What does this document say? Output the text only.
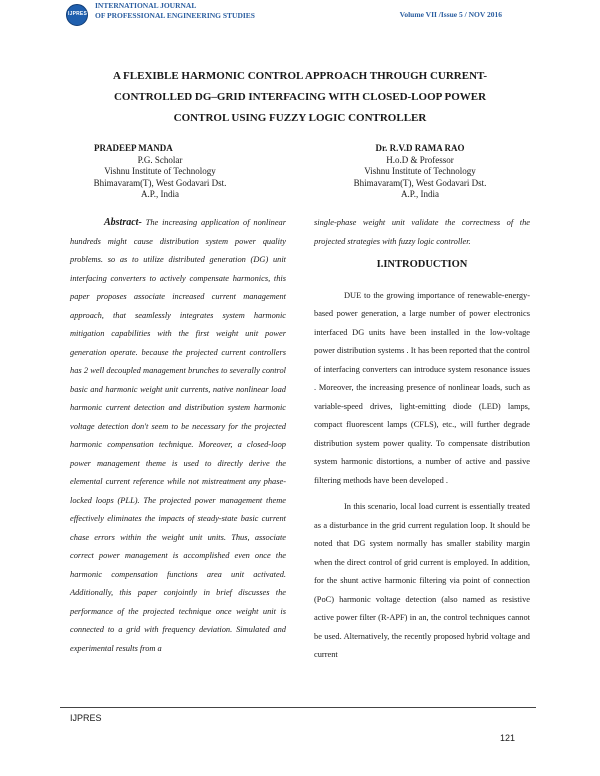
IJPRES
INTERNATIONAL JOURNAL
OF PROFESSIONAL ENGINEERING STUDIES	Volume VII /Issue 5 / NOV 2016
A FLEXIBLE HARMONIC CONTROL APPROACH THROUGH CURRENT-
CONTROLLED DG–GRID INTERFACING WITH CLOSED-LOOP POWER
CONTROL USING FUZZY LOGIC CONTROLLER
PRADEEP MANDA
P.G. Scholar
Vishnu Institute of Technology
Bhimavaram(T), West Godavari Dst.
A.P., India
Dr. R.V.D RAMA RAO
H.o.D & Professor
Vishnu Institute of Technology
Bhimavaram(T), West Godavari Dst.
A.P., India
Abstract- The increasing application of nonlinear hundreds might cause distribution system power quality problems. so as to utilize distributed generation (DG) unit interfacing converters to actively compensate harmonics, this paper proposes associate increased current management approach, that seamlessly integrates system harmonic mitigation capabilities with the first weight unit power generation operate. because the projected current controllers has 2 well decoupled management brunches to severally control basic and harmonic weight unit currents, native nonlinear load harmonic current detection and distribution system harmonic voltage detection don't seem to be necessary for the projected harmonic compensation technique. Moreover, a closed-loop power management theme is used to directly derive the elemental current reference while not mistreatment any phase-locked loops (PLL). The projected power management theme effectively eliminates the impacts of steady-state basic current chase errors within the weight unit units. Thus, associate correct power management is accomplished even once the harmonic compensation functions area unit activated. Additionally, this paper conjointly in brief discusses the performance of the projected technique once weight unit is connected to a grid with frequency deviation. Simulated and experimental results from a
single-phase weight unit validate the correctness of the projected strategies with fuzzy logic controller.
I.INTRODUCTION

DUE to the growing importance of renewable-energy-based power generation, a large number of power electronics interfaced DG units have been installed in the low-voltage power distribution systems . It has been reported that the control of interfacing converters can introduce system resonance issues . Moreover, the increasing presence of nonlinear loads, such as variable-speed drives, light-emitting diode (LED) lamps, compact fluorescent lamps (CFLS), etc., will further degrade distribution system power quality. To compensate distribution system harmonic distortions, a number of active and passive filtering methods have been developed .

In this scenario, local load current is essentially treated as a disturbance in the grid current regulation loop. It should be noted that DG system normally has smaller stability margin when the direct control of grid current is employed. In addition, for the shunt active harmonic filtering via point of connection (PoC) harmonic voltage detection (also named as resistive active power filter (R-APF) in an, the control techniques cannot be used. Alternatively, the recently proposed hybrid voltage and current

IJPRES
121
